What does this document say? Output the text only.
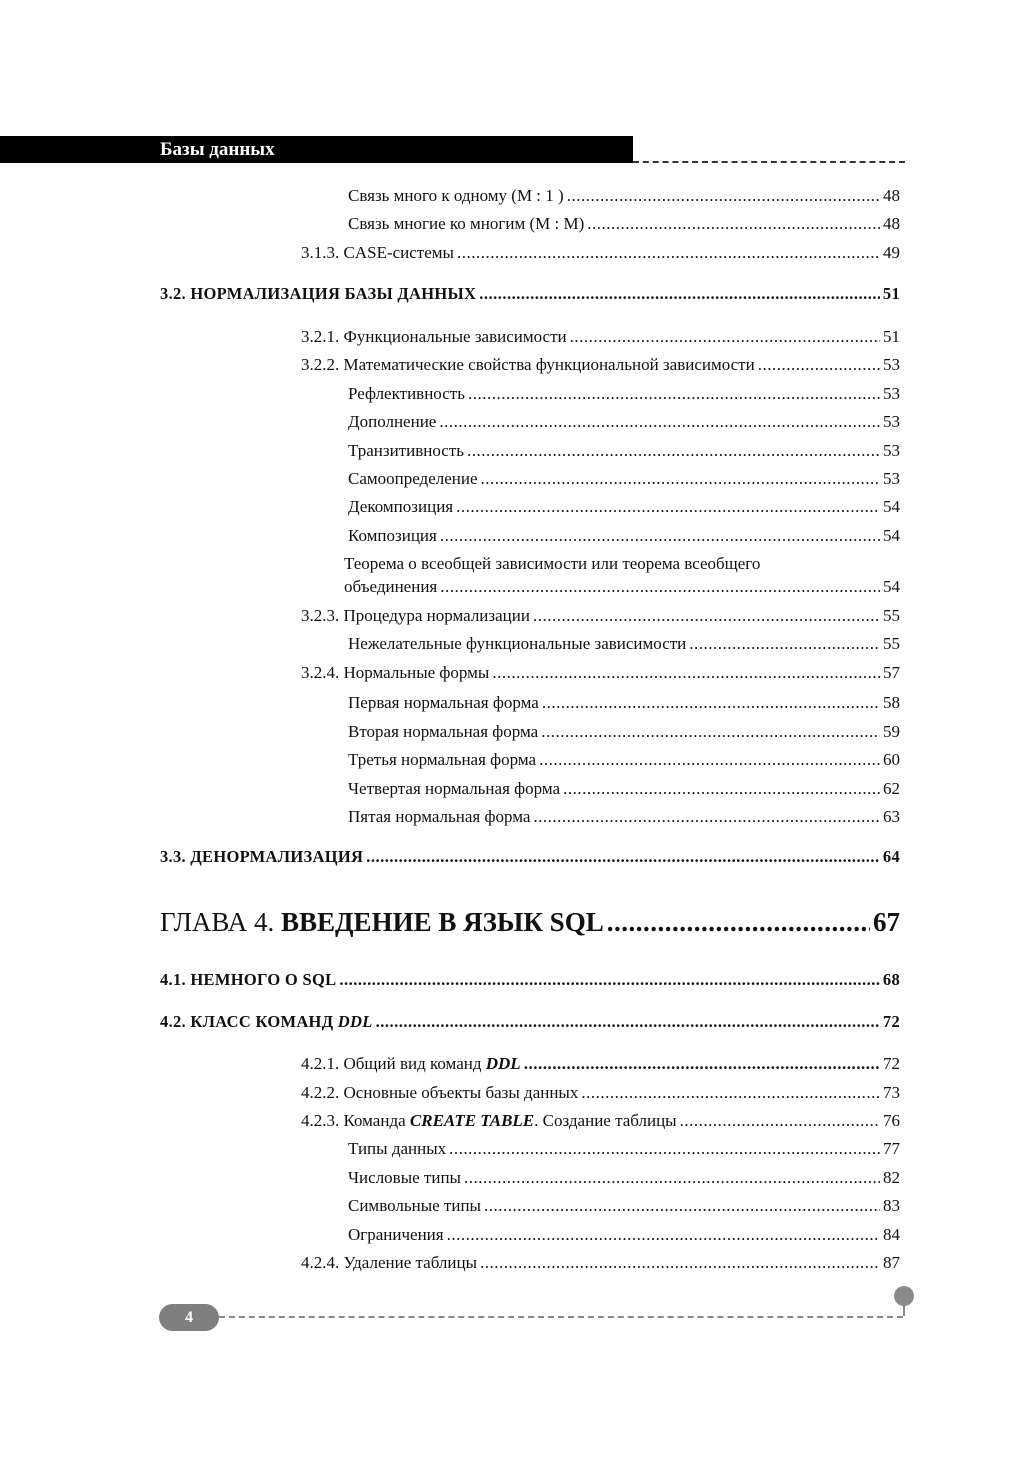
Базы данных
Связь много к одному (М : 1 ) .....	48
Связь многие ко многим (М : М) .....	48
3.1.3. CASE-системы .....	49
3.2. НОРМАЛИЗАЦИЯ БАЗЫ ДАННЫХ .....	51
3.2.1. Функциональные зависимости .....	51
3.2.2. Математические свойства функциональной зависимости .....	53
Рефлективность .....	53
Дополнение .....	53
Транзитивность .....	53
Самоопределение .....	53
Декомпозиция .....	54
Композиция .....	54
Теорема о всеобщей зависимости или теорема всеобщего
объединения .....	54
3.2.3. Процедура нормализации .....	55
Нежелательные функциональные зависимости .....	55
3.2.4. Нормальные формы .....	57
Первая нормальная форма .....	58
Вторая нормальная форма .....	59
Третья нормальная форма .....	60
Четвертая нормальная форма .....	62
Пятая нормальная форма .....	63
3.3. ДЕНОРМАЛИЗАЦИЯ .....	64
ГЛАВА 4. ВВЕДЕНИЕ В ЯЗЫК SQL .....	67
4.1. НЕМНОГО О SQL .....	68
4.2. КЛАСС КОМАНД DDL .....	72
4.2.1. Общий вид команд DDL .....	72
4.2.2. Основные объекты базы данных .....	73
4.2.3. Команда CREATE TABLE. Создание таблицы .....	76
Типы данных .....	77
Числовые типы .....	82
Символьные типы .....	83
Ограничения .....	84
4.2.4. Удаление таблицы .....	87
4
